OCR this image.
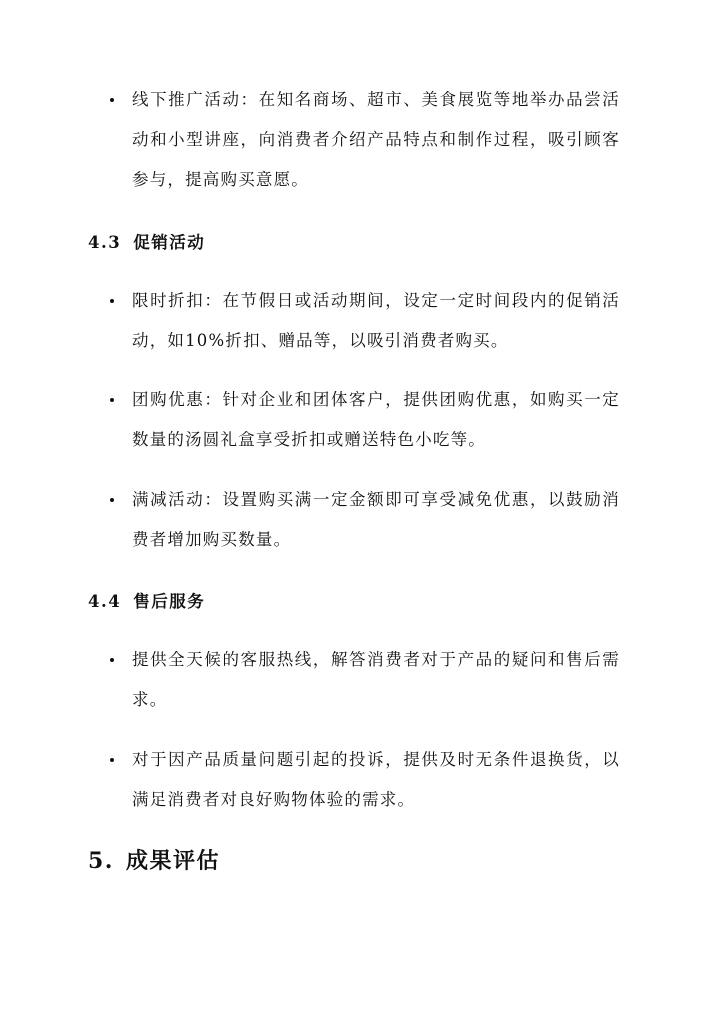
线下推广活动：在知名商场、超市、美食展览等地举办品尝活动和小型讲座，向消费者介绍产品特点和制作过程，吸引顾客参与，提高购买意愿。
4.3 促销活动
限时折扣：在节假日或活动期间，设定一定时间段内的促销活动，如10%折扣、赠品等，以吸引消费者购买。
团购优惠：针对企业和团体客户，提供团购优惠，如购买一定数量的汤圆礼盒享受折扣或赠送特色小吃等。
满减活动：设置购买满一定金额即可享受减免优惠，以鼓励消费者增加购买数量。
4.4 售后服务
提供全天候的客服热线，解答消费者对于产品的疑问和售后需求。
对于因产品质量问题引起的投诉，提供及时无条件退换货，以满足消费者对良好购物体验的需求。
5. 成果评估
